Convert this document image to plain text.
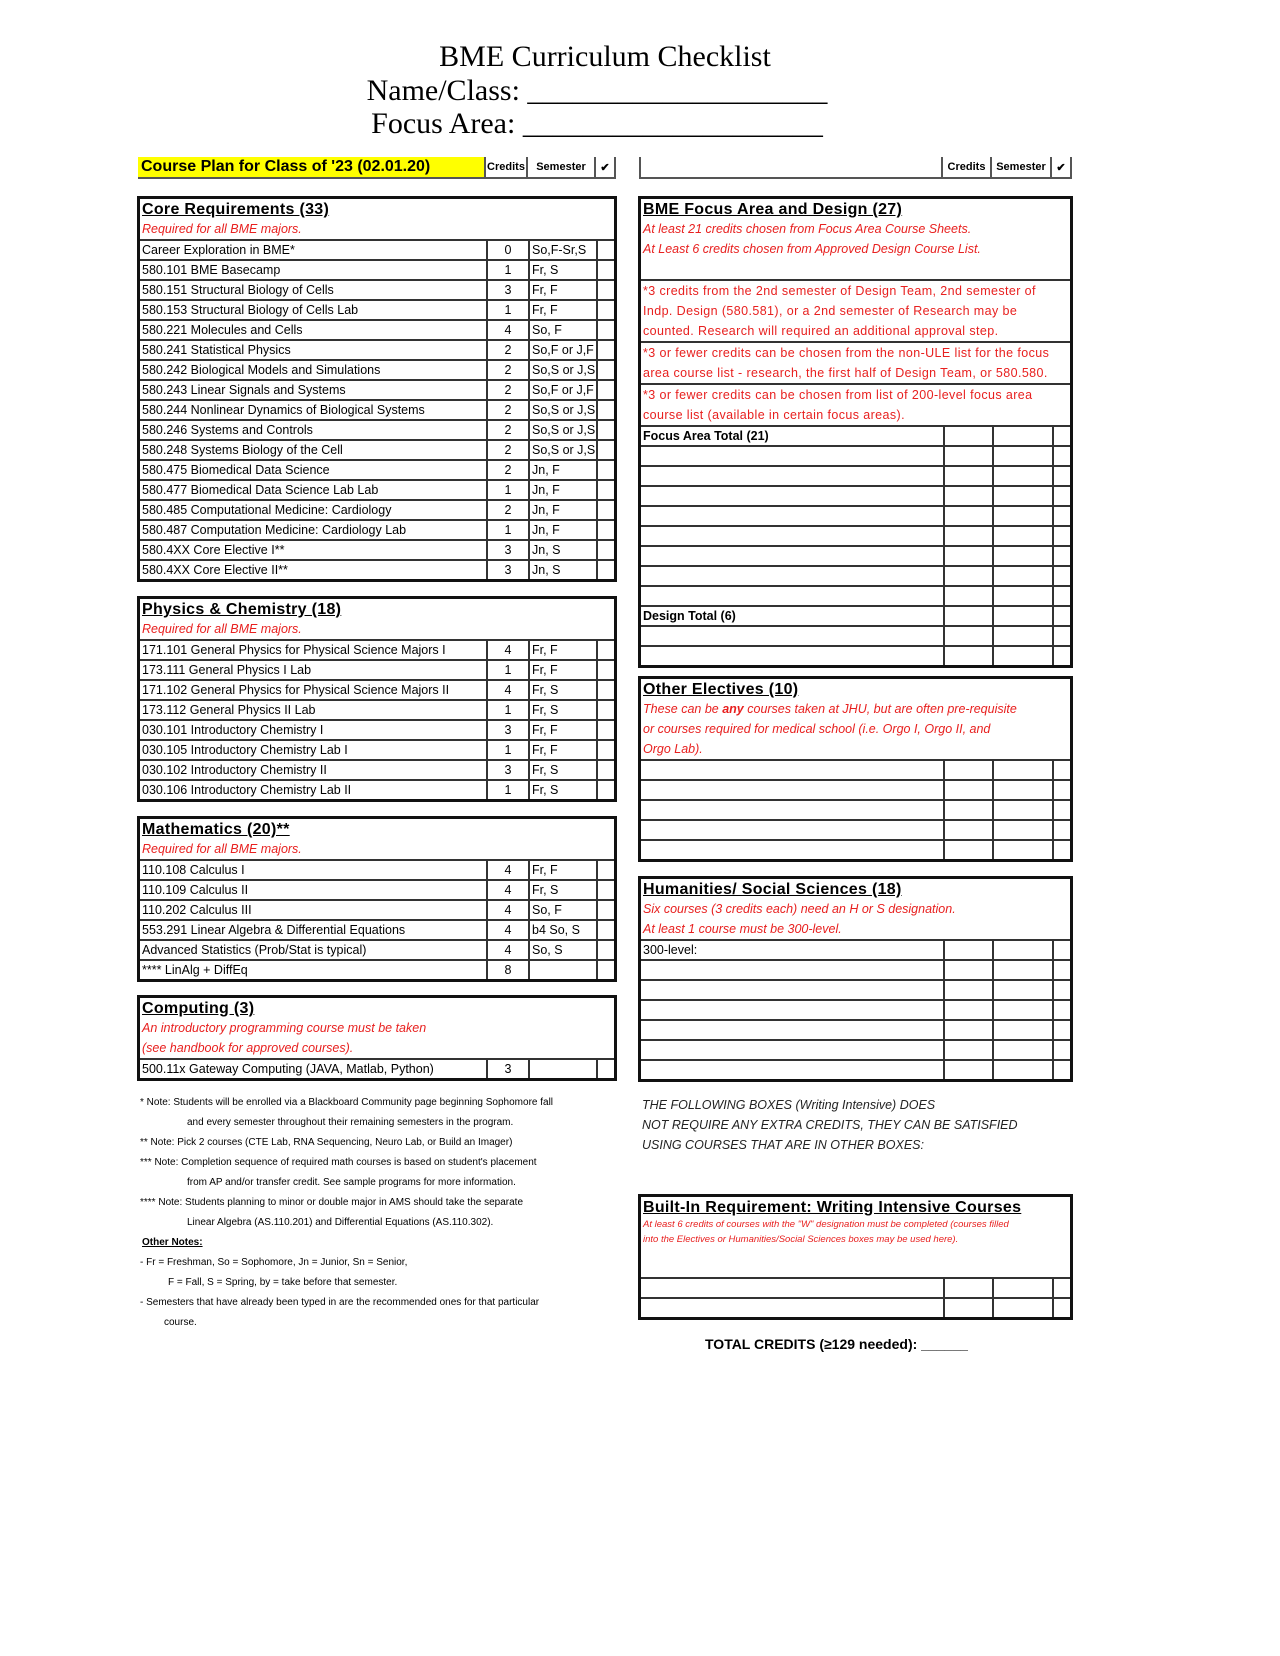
BME Curriculum Checklist
Name/Class: ____________________
Focus Area: ____________________
Course Plan for Class of '23 (02.01.20)	Credits	Semester	✔	Credits Semester ✔
Core Requirements (33)
Required for all BME majors.
Career Exploration in BME*	0	So,F-Sr,S
580.101 BME Basecamp	1	Fr, S
580.151 Structural Biology of Cells	3	Fr, F
580.153 Structural Biology of Cells Lab	1	Fr, F
580.221 Molecules and Cells	4	So, F
580.241 Statistical Physics	2	So,F or J,F
580.242 Biological Models and Simulations	2	So,S or J,S
580.243 Linear Signals and Systems	2	So,F or J,F
580.244 Nonlinear Dynamics of Biological Systems	2	So,S or J,S
580.246 Systems and Controls	2	So,S or J,S
580.248 Systems Biology of the Cell	2	So,S or J,S
580.475 Biomedical Data Science	2	Jn, F
580.477 Biomedical Data Science Lab Lab	1	Jn, F
580.485 Computational Medicine: Cardiology	2	Jn, F
580.487 Computation Medicine: Cardiology Lab	1	Jn, F
580.4XX Core Elective I**	3	Jn, S
580.4XX Core Elective II**	3	Jn, S
Physics & Chemistry (18)
Required for all BME majors.
171.101 General Physics for Physical Science Majors I	4	Fr, F
173.111 General Physics I Lab	1	Fr, F
171.102 General Physics for Physical Science Majors II	4	Fr, S
173.112 General Physics II Lab	1	Fr, S
030.101 Introductory Chemistry I	3	Fr, F
030.105 Introductory Chemistry Lab I	1	Fr, F
030.102 Introductory Chemistry II	3	Fr, S
030.106 Introductory Chemistry Lab II	1	Fr, S
Mathematics (20)**
Required for all BME majors.
110.108 Calculus I	4	Fr, F
110.109 Calculus II	4	Fr, S
110.202 Calculus III	4	So, F
553.291 Linear Algebra & Differential Equations	4	b4 So, S
Advanced Statistics (Prob/Stat is typical)	4	So, S
**** LinAlg + DiffEq	8
Computing (3)
An introductory programming course must be taken
(see handbook for approved courses).
500.11x Gateway Computing (JAVA, Matlab, Python)	3
BME Focus Area and Design (27)
At least 21 credits chosen from Focus Area Course Sheets.
At Least 6 credits chosen from Approved Design Course List.
*3 credits from the 2nd semester of Design Team, 2nd semester of
Indp. Design (580.581), or a 2nd semester of Research may be
counted. Research will required an additional approval step.
*3 or fewer credits can be chosen from the non-ULE list for the focus
area course list - research, the first half of Design Team, or 580.580.
*3 or fewer credits can be chosen from list of 200-level focus area
course list (available in certain focus areas).
Focus Area Total (21)
Design Total (6)
Other Electives (10)
These can be any courses taken at JHU, but are often pre-requisite
or courses required for medical school (i.e. Orgo I, Orgo II, and
Orgo Lab).
Humanities/ Social Sciences (18)
Six courses (3 credits each) need an H or S designation.
At least 1 course must be 300-level.
300-level:
Built-In Requirement: Writing Intensive Courses
At least 6 credits of courses with the "W" designation must be completed (courses filled
into the Electives or Humanities/Social Sciences boxes may be used here).
* Note: Students will be enrolled via a Blackboard Community page beginning Sophomore fall
and every semester throughout their remaining semesters in the program.
** Note: Pick 2 courses (CTE Lab, RNA Sequencing, Neuro Lab, or Build an Imager)
*** Note: Completion sequence of required math courses is based on student's placement
from AP and/or transfer credit. See sample programs for more information.
**** Note: Students planning to minor or double major in AMS should take the separate
Linear Algebra (AS.110.201) and Differential Equations (AS.110.302).
Other Notes:
- Fr = Freshman, So = Sophomore, Jn = Junior, Sn = Senior,
F = Fall, S = Spring, by = take before that semester.
- Semesters that have already been typed in are the recommended ones for that particular
course.
THE FOLLOWING BOXES (Writing Intensive) DOES
NOT REQUIRE ANY EXTRA CREDITS, THEY CAN BE SATISFIED
USING COURSES THAT ARE IN OTHER BOXES:
TOTAL CREDITS (≥129 needed): ______
